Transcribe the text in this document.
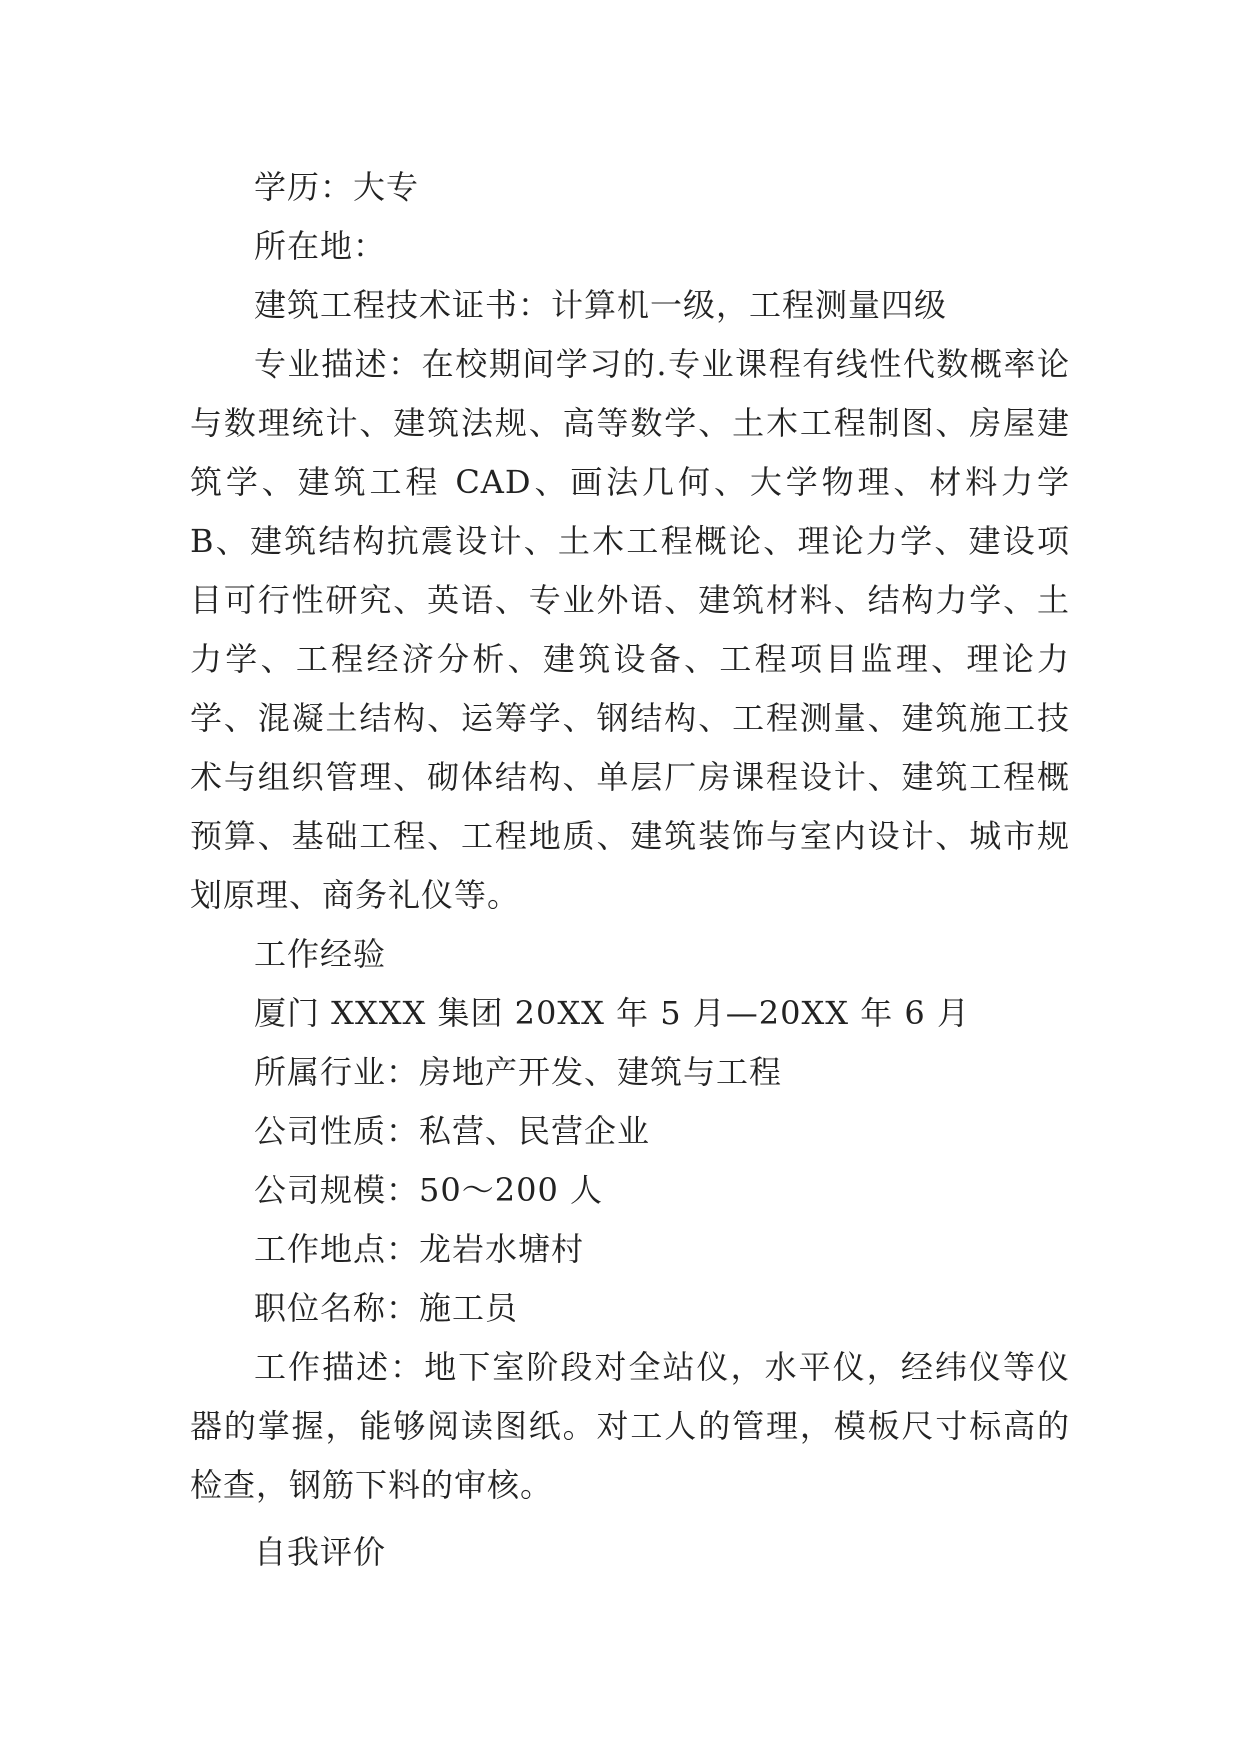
学历：大专

所在地：

建筑工程技术证书：计算机一级，工程测量四级

专业描述：在校期间学习的.专业课程有线性代数概率论与数理统计、建筑法规、高等数学、土木工程制图、房屋建筑学、建筑工程 CAD、画法几何、大学物理、材料力学 B、建筑结构抗震设计、土木工程概论、理论力学、建设项目可行性研究、英语、专业外语、建筑材料、结构力学、土力学、工程经济分析、建筑设备、工程项目监理、理论力学、混凝土结构、运筹学、钢结构、工程测量、建筑施工技术与组织管理、砌体结构、单层厂房课程设计、建筑工程概预算、基础工程、工程地质、建筑装饰与室内设计、城市规划原理、商务礼仪等。

工作经验

厦门 XXXX 集团 20XX 年 5 月—20XX 年 6 月

所属行业：房地产开发、建筑与工程

公司性质：私营、民营企业

公司规模：50～200 人

工作地点：龙岩水塘村

职位名称：施工员

工作描述：地下室阶段对全站仪，水平仪，经纬仪等仪器的掌握，能够阅读图纸。对工人的管理，模板尺寸标高的检查，钢筋下料的审核。

自我评价
